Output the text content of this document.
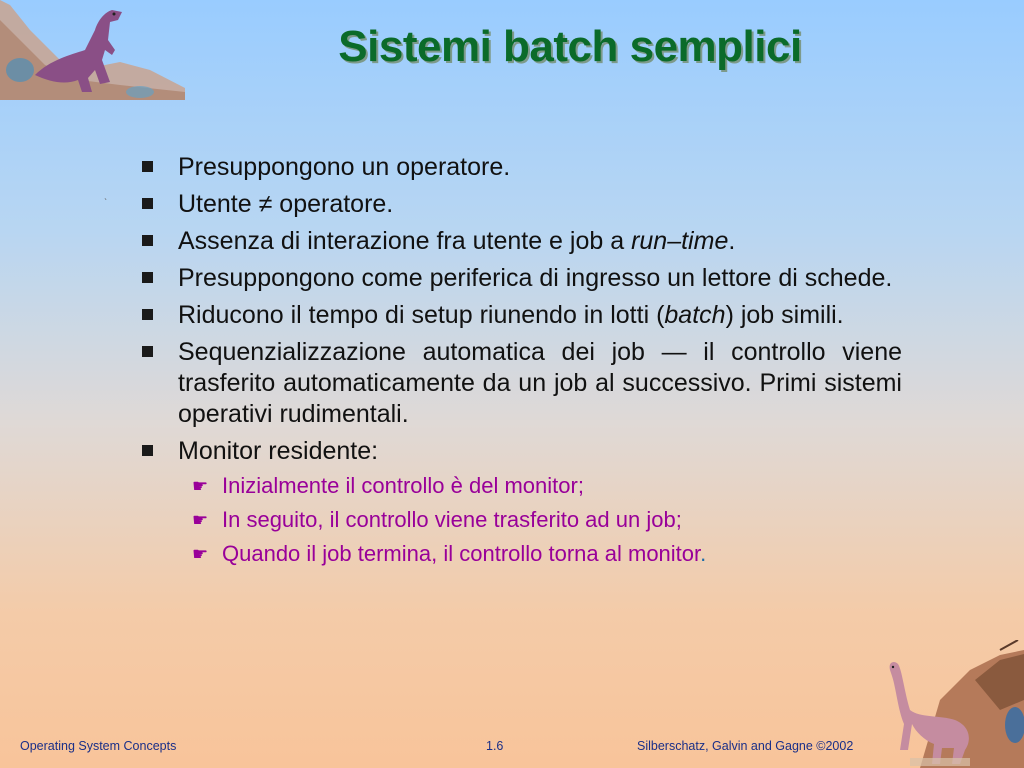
Sistemi batch semplici
ˋ
Presuppongono un operatore.
Utente ≠ operatore.
Assenza di interazione fra utente e job a run–time.
Presuppongono come periferica di ingresso un lettore di schede.
Riducono il tempo di setup riunendo in lotti (batch) job simili.
Sequenzializzazione automatica dei job — il controllo viene trasferito automaticamente da un job al successivo. Primi sistemi operativi rudimentali.
Monitor residente:
☛ Inizialmente il controllo è del monitor;
☛ In seguito, il controllo viene trasferito ad un job;
☛ Quando il job termina, il controllo torna al monitor.
Operating System Concepts	1.6	Silberschatz, Galvin and Gagne ©2002
